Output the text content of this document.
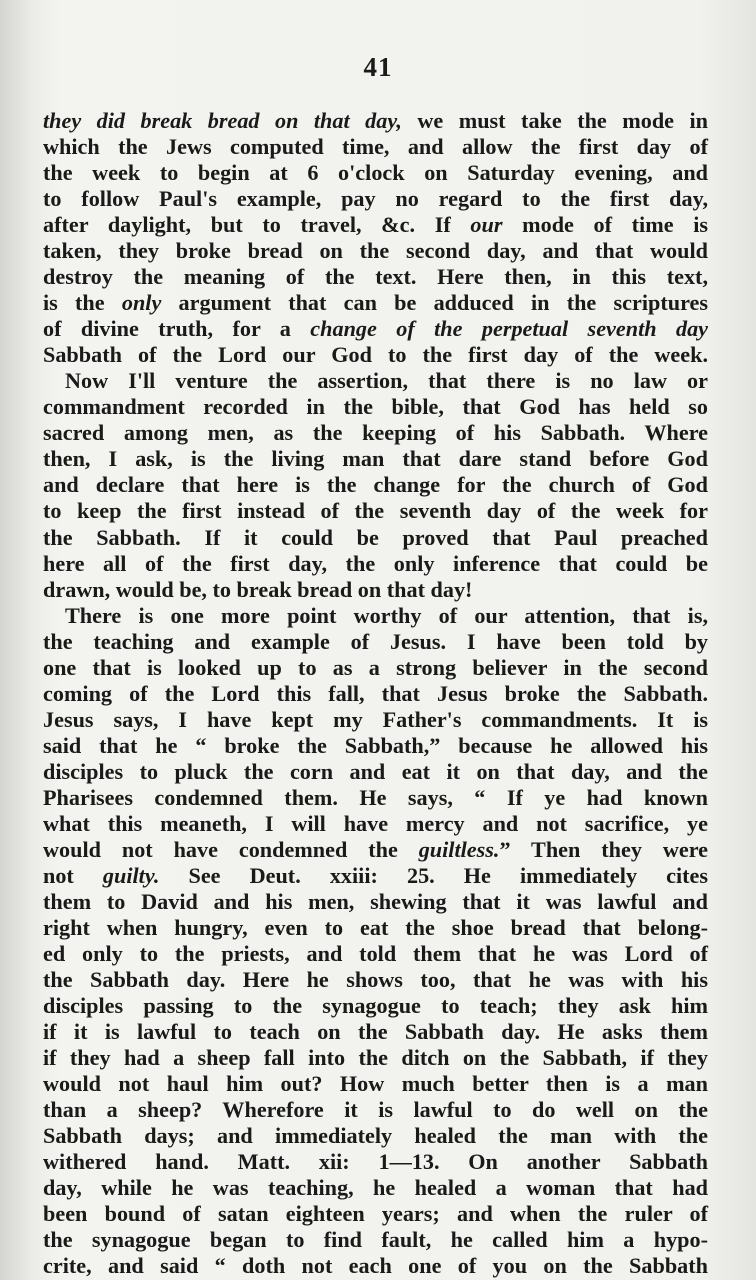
41
they did break bread on that day, we must take the mode in
which the Jews computed time, and allow the first day of
the week to begin at 6 o'clock on Saturday evening, and
to follow Paul's example, pay no regard to the first day,
after daylight, but to travel, &c. If our mode of time is
taken, they broke bread on the second day, and that would
destroy the meaning of the text. Here then, in this text,
is the only argument that can be adduced in the scriptures
of divine truth, for a change of the perpetual seventh day
Sabbath of the Lord our God to the first day of the week.
Now I'll venture the assertion, that there is no law or
commandment recorded in the bible, that God has held so
sacred among men, as the keeping of his Sabbath. Where
then, I ask, is the living man that dare stand before God
and declare that here is the change for the church of God
to keep the first instead of the seventh day of the week for
the Sabbath. If it could be proved that Paul preached
here all of the first day, the only inference that could be
drawn, would be, to break bread on that day!
There is one more point worthy of our attention, that is,
the teaching and example of Jesus. I have been told by
one that is looked up to as a strong believer in the second
coming of the Lord this fall, that Jesus broke the Sabbath.
Jesus says, I have kept my Father's commandments. It is
said that he “ broke the Sabbath,” because he allowed his
disciples to pluck the corn and eat it on that day, and the
Pharisees condemned them. He says, “ If ye had known
what this meaneth, I will have mercy and not sacrifice, ye
would not have condemned the guiltless.” Then they were
not guilty. See Deut. xxiii: 25. He immediately cites
them to David and his men, shewing that it was lawful and
right when hungry, even to eat the shoe bread that belong-
ed only to the priests, and told them that he was Lord of
the Sabbath day. Here he shows too, that he was with his
disciples passing to the synagogue to teach; they ask him
if it is lawful to teach on the Sabbath day. He asks them
if they had a sheep fall into the ditch on the Sabbath, if they
would not haul him out? How much better then is a man
than a sheep? Wherefore it is lawful to do well on the
Sabbath days; and immediately healed the man with the
withered hand. Matt. xii: 1—13. On another Sabbath
day, while he was teaching, he healed a woman that had
been bound of satan eighteen years; and when the ruler of
the synagogue began to find fault, he called him a hypo-
crite, and said “ doth not each one of you on the Sabbath
